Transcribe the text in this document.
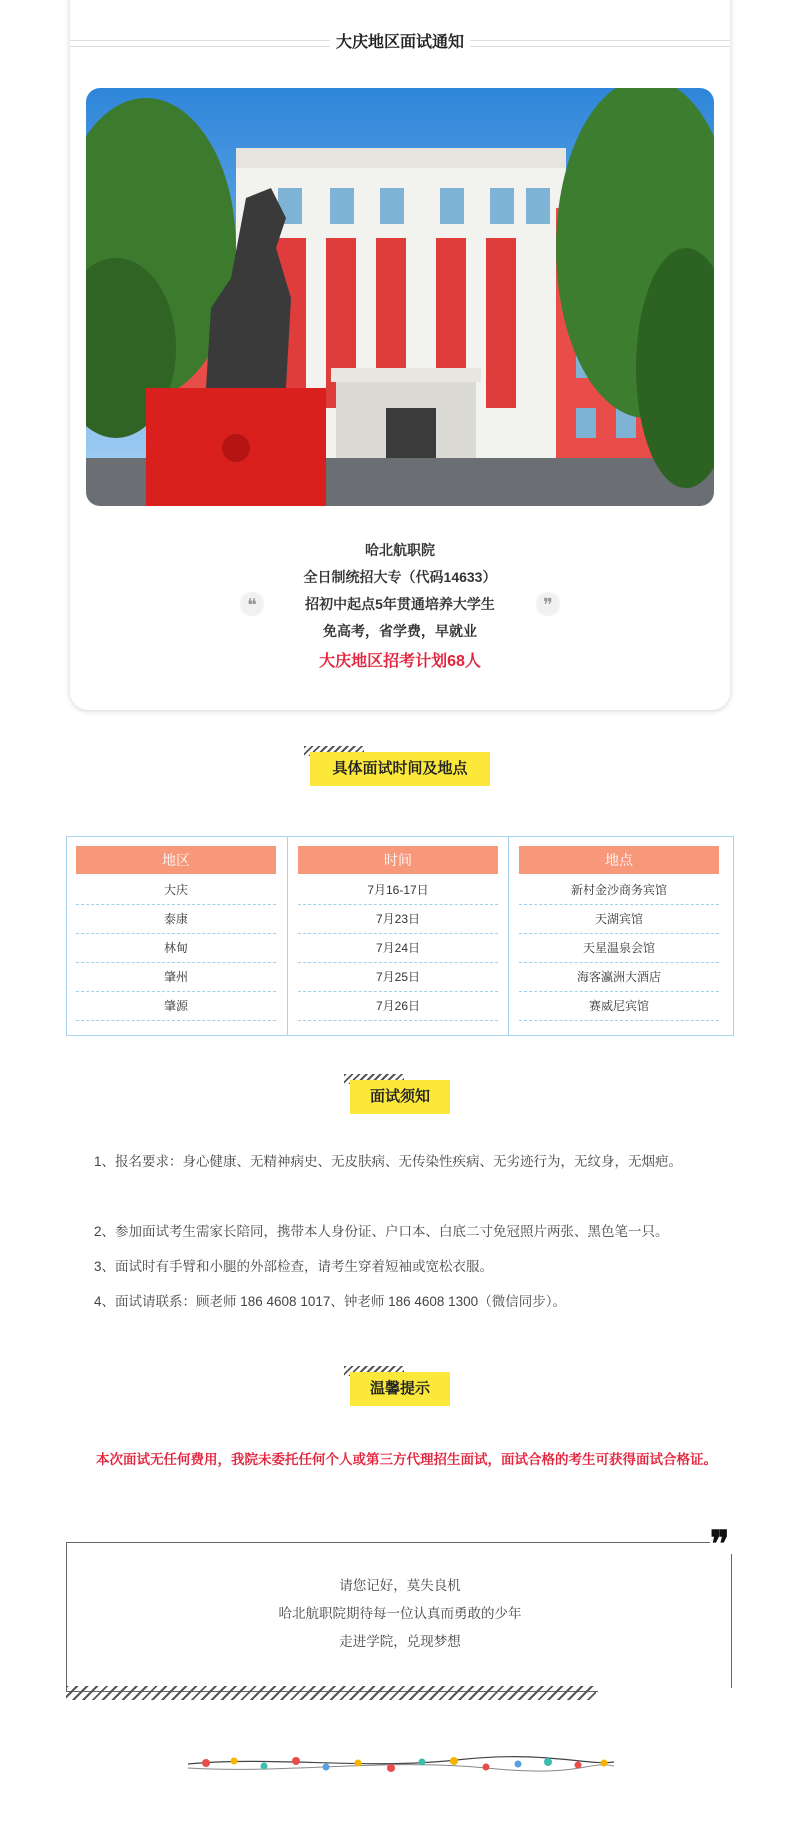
大庆地区面试通知
❝	❞
哈北航职院
全日制统招大专（代码14633）
招初中起点5年贯通培养大学生
免高考，省学费，早就业
大庆地区招考计划68人
具体面试时间及地点
地区
大庆
泰康
林甸
肇州
肇源
时间
7月16-17日
7月23日
7月24日
7月25日
7月26日
地点
新村金沙商务宾馆
天湖宾馆
天星温泉会馆
海客瀛洲大酒店
赛威尼宾馆
面试须知
1、报名要求：身心健康、无精神病史、无皮肤病、无传染性疾病、无劣迹行为，无纹身，无烟疤。
2、参加面试考生需家长陪同，携带本人身份证、户口本、白底二寸免冠照片两张、黑色笔一只。
3、面试时有手臂和小腿的外部检查，请考生穿着短袖或宽松衣服。
4、面试请联系：顾老师 186 4608 1017、钟老师 186 4608 1300（微信同步）。
温馨提示
本次面试无任何费用，我院未委托任何个人或第三方代理招生面试，面试合格的考生可获得面试合格证。
❞
请您记好，莫失良机
哈北航职院期待每一位认真而勇敢的少年
走进学院，兑现梦想
